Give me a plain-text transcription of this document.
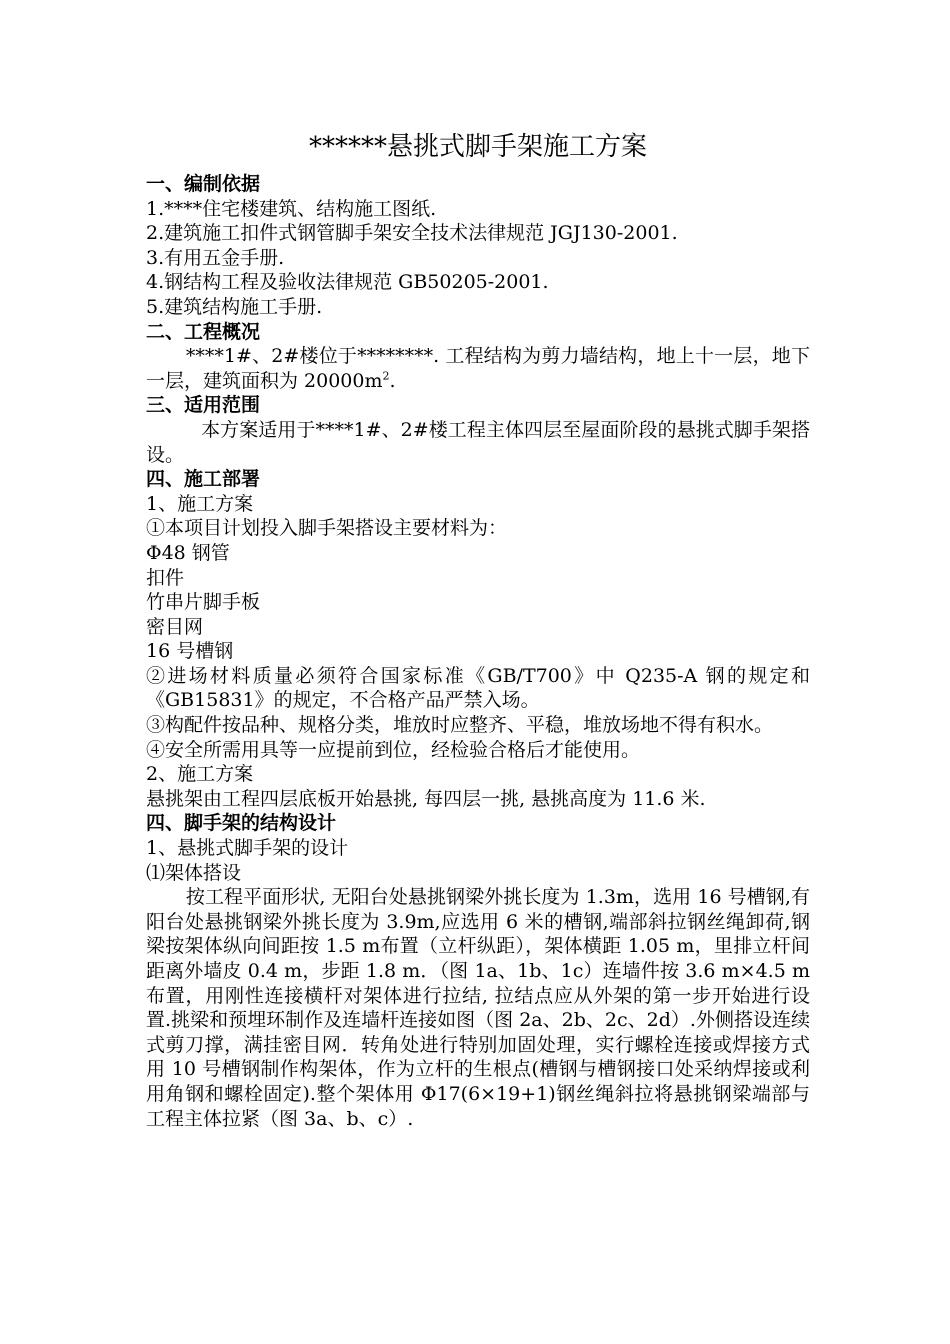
******悬挑式脚手架施工方案
一、编制依据
1.****住宅楼建筑、结构施工图纸.
2.建筑施工扣件式钢管脚手架安全技术法律规范 JGJ130-2001.
3.有用五金手册.
4.钢结构工程及验收法律规范 GB50205-2001.
5.建筑结构施工手册.
二、工程概况
****1#、2#楼位于********. 工程结构为剪力墙结构，地上十一层，地下一层，建筑面积为 $20000m^2$.
三、适用范围
本方案适用于****1#、2#楼工程主体四层至屋面阶段的悬挑式脚手架搭设。
四、施工部署
1、施工方案
①本项目计划投入脚手架搭设主要材料为：
Φ48 钢管
扣件
竹串片脚手板
密目网
16 号槽钢
②进场材料质量必须符合国家标准《GB/T700》中 Q235-A 钢的规定和《GB15831》的规定，不合格产品严禁入场。
③构配件按品种、规格分类，堆放时应整齐、平稳，堆放场地不得有积水。
④安全所需用具等一应提前到位，经检验合格后才能使用。
2、施工方案
悬挑架由工程四层底板开始悬挑, 每四层一挑, 悬挑高度为 11.6 米.
四、脚手架的结构设计
1、悬挑式脚手架的设计
⑴架体搭设
按工程平面形状, 无阳台处悬挑钢梁外挑长度为 1.3m，选用 16 号槽钢,有阳台处悬挑钢梁外挑长度为 3.9m,应选用 6 米的槽钢,端部斜拉钢丝绳卸荷,钢梁按架体纵向间距按 1.5 m布置（立杆纵距），架体横距 1.05 m，里排立杆间距离外墙皮 0.4 m，步距 1.8 m．（图 1a、1b、1c）连墙件按 3.6 m×4.5 m布置，用刚性连接横杆对架体进行拉结, 拉结点应从外架的第一步开始进行设置.挑梁和预埋环制作及连墙杆连接如图（图 2a、2b、2c、2d）.外侧搭设连续式剪刀撑，满挂密目网．转角处进行特别加固处理，实行螺栓连接或焊接方式用 10 号槽钢制作构架体，作为立杆的生根点(槽钢与槽钢接口处采纳焊接或利用角钢和螺栓固定).整个架体用 Φ17(6×19+1)钢丝绳斜拉将悬挑钢梁端部与工程主体拉紧（图 3a、b、c）.
